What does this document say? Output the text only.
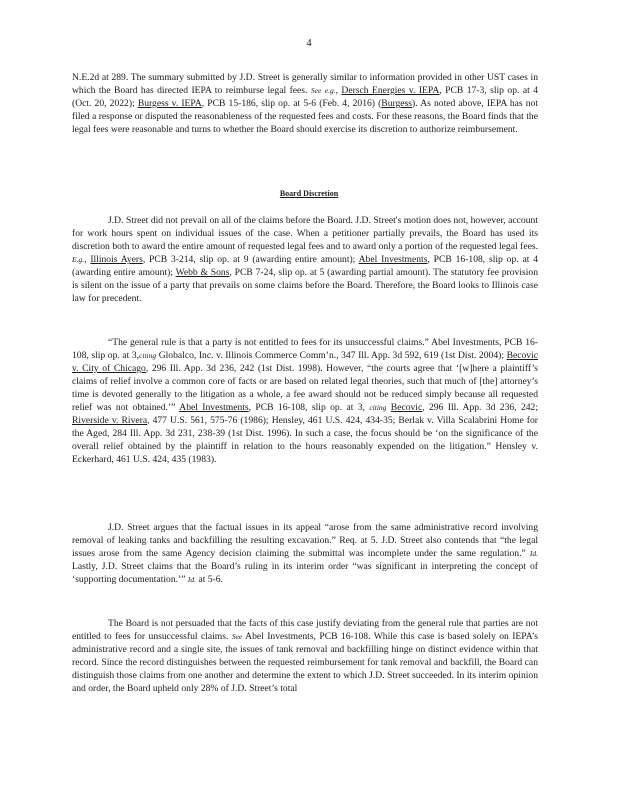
4

N.E.2d at 289. The summary submitted by J.D. Street is generally similar to information provided in other UST cases in which the Board has directed IEPA to reimburse legal fees. See e.g., Dersch Energies v. IEPA, PCB 17-3, slip op. at 4 (Oct. 20, 2022); Burgess v. IEPA, PCB 15-186, slip op. at 5-6 (Feb. 4, 2016) (Burgess). As noted above, IEPA has not filed a response or disputed the reasonableness of the requested fees and costs. For these reasons, the Board finds that the legal fees were reasonable and turns to whether the Board should exercise its discretion to authorize reimbursement.

Board Discretion

J.D. Street did not prevail on all of the claims before the Board. J.D. Street's motion does not, however, account for work hours spent on individual issues of the case. When a petitioner partially prevails, the Board has used its discretion both to award the entire amount of requested legal fees and to award only a portion of the requested legal fees. E.g., Illinois Ayers, PCB 3-214, slip op. at 9 (awarding entire amount); Abel Investments, PCB 16-108, slip op. at 4 (awarding entire amount); Webb & Sons, PCB 7-24, slip op. at 5 (awarding partial amount). The statutory fee provision is silent on the issue of a party that prevails on some claims before the Board. Therefore, the Board looks to Illinois case law for precedent.

“The general rule is that a party is not entitled to fees for its unsuccessful claims.” Abel Investments, PCB 16-108, slip op. at 3,citing Globalco, Inc. v. Illinois Commerce Comm’n., 347 Ill. App. 3d 592, 619 (1st Dist. 2004); Becovic v. City of Chicago, 296 Ill. App. 3d 236, 242 (1st Dist. 1998). However, “the courts agree that ‘[w]here a plaintiff’s claims of relief involve a common core of facts or are based on related legal theories, such that much of [the] attorney’s time is devoted generally to the litigation as a whole, a fee award should not be reduced simply because all requested relief was not obtained.’” Abel Investments, PCB 16-108, slip op. at 3, citing Becovic, 296 Ill. App. 3d 236, 242; Riverside v. Rivera, 477 U.S. 561, 575-76 (1986); Hensley, 461 U.S. 424, 434-35; Berlak v. Villa Scalabrini Home for the Aged, 284 Ill. App. 3d 231, 238-39 (1st Dist. 1996). In such a case, the focus should be ‘on the significance of the overall relief obtained by the plaintiff in relation to the hours reasonably expended on the litigation.” Hensley v. Eckerhard, 461 U.S. 424, 435 (1983).

J.D. Street argues that the factual issues in its appeal “arose from the same administrative record involving removal of leaking tanks and backfilling the resulting excavation.” Req. at 5. J.D. Street also contends that “the legal issues arose from the same Agency decision claiming the submittal was incomplete under the same regulation.” Id. Lastly, J.D. Street claims that the Board’s ruling in its interim order “was significant in interpreting the concept of ‘supporting documentation.’” Id. at 5-6.

The Board is not persuaded that the facts of this case justify deviating from the general rule that parties are not entitled to fees for unsuccessful claims. See Abel Investments, PCB 16-108. While this case is based solely on IEPA’s administrative record and a single site, the issues of tank removal and backfilling hinge on distinct evidence within that record. Since the record distinguishes between the requested reimbursement for tank removal and backfill, the Board can distinguish those claims from one another and determine the extent to which J.D. Street succeeded. In its interim opinion and order, the Board upheld only 28% of J.D. Street’s total
